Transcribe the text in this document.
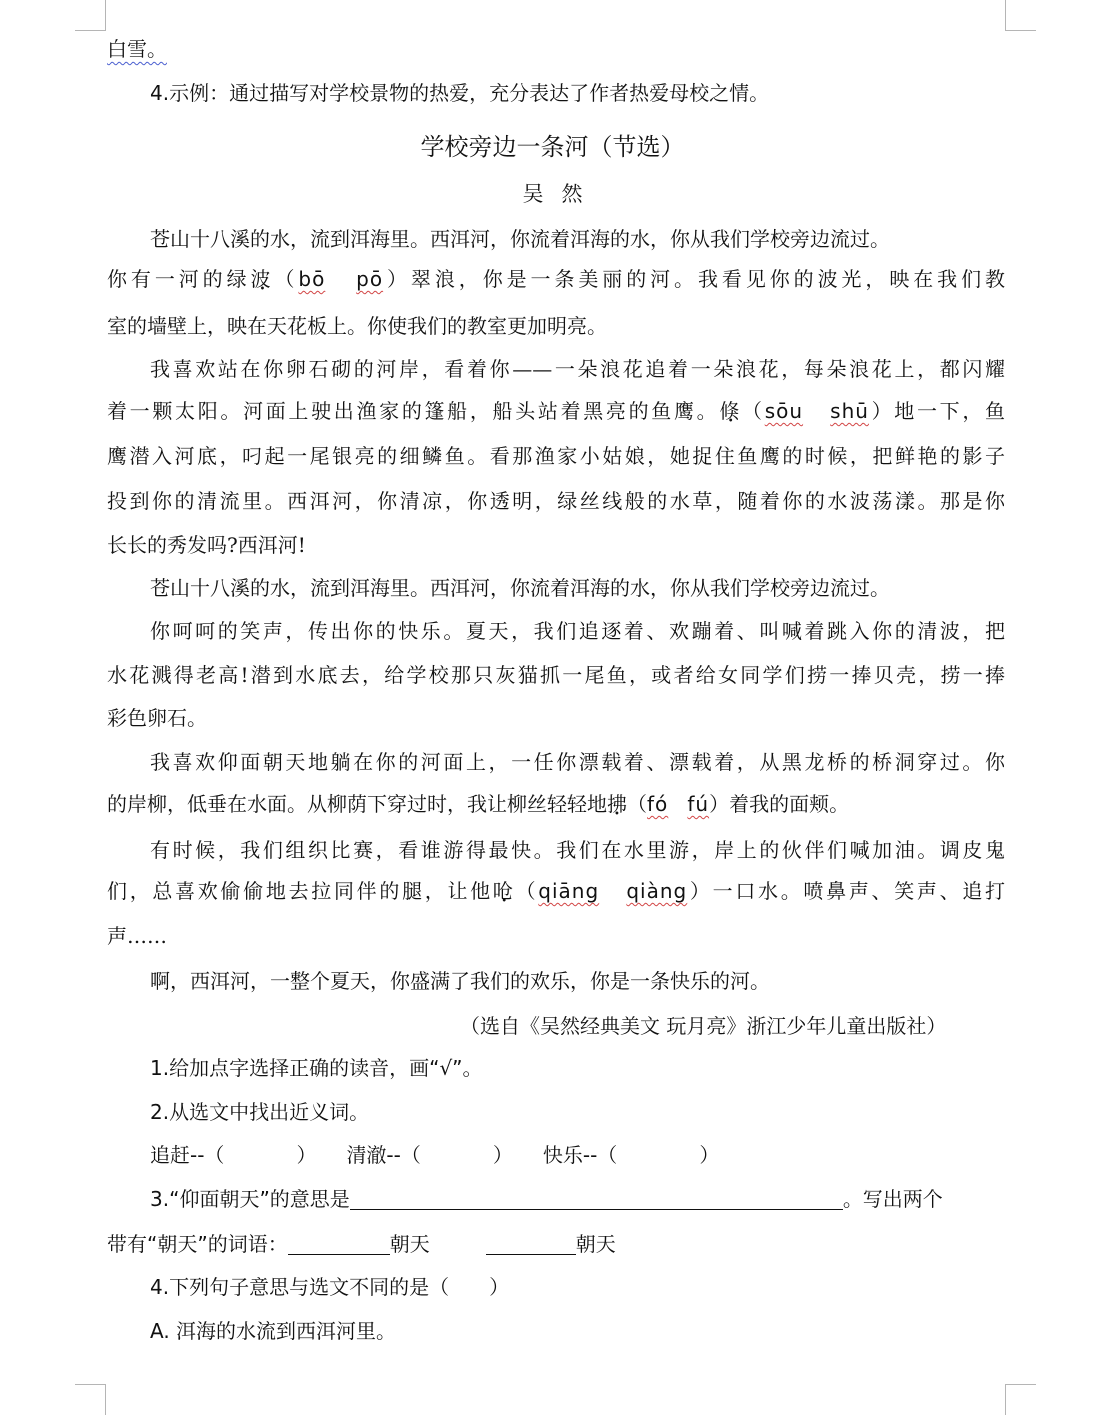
白雪。
4.示例：通过描写对学校景物的热爱，充分表达了作者热爱母校之情。
学校旁边一条河（节选）
吴然
苍山十八溪的水，流到洱海里。西洱河，你流着洱海的水，你从我们学校旁边流过。
你有一河的绿波（bō pō）翠浪，你是一条美丽的河。我看见你的波光，映在我们教
室的墙壁上，映在天花板上。你使我们的教室更加明亮。
我喜欢站在你卵石砌的河岸，看着你——一朵浪花追着一朵浪花，每朵浪花上，都闪耀
着一颗太阳。河面上驶出渔家的篷船，船头站着黑亮的鱼鹰。倏（sōu shū）地一下，鱼
鹰潜入河底，叼起一尾银亮的细鳞鱼。看那渔家小姑娘，她捉住鱼鹰的时候，把鲜艳的影子
投到你的清流里。西洱河，你清凉，你透明，绿丝线般的水草，随着你的水波荡漾。那是你
长长的秀发吗?西洱河!
苍山十八溪的水，流到洱海里。西洱河，你流着洱海的水，你从我们学校旁边流过。
你呵呵的笑声，传出你的快乐。夏天，我们追逐着、欢蹦着、叫喊着跳入你的清波，把
水花溅得老高!潜到水底去，给学校那只灰猫抓一尾鱼，或者给女同学们捞一捧贝壳，捞一捧
彩色卵石。
我喜欢仰面朝天地躺在你的河面上，一任你漂载着、漂载着，从黑龙桥的桥洞穿过。你
的岸柳，低垂在水面。从柳荫下穿过时，我让柳丝轻轻地拂（fó fú）着我的面颊。
有时候，我们组织比赛，看谁游得最快。我们在水里游，岸上的伙伴们喊加油。调皮鬼
们，总喜欢偷偷地去拉同伴的腿，让他呛（qiāng qiàng）一口水。喷鼻声、笑声、追打
声……
啊，西洱河，一整个夏天，你盛满了我们的欢乐，你是一条快乐的河。
（选自《吴然经典美文 玩月亮》浙江少年儿童出版社）
1.给加点字选择正确的读音，画“√”。
2.从选文中找出近义词。
追赶--（	） 清澈--（	） 快乐--（	）
3.“仰面朝天”的意思是	。写出两个
带有“朝天”的词语：	朝天	朝天
4.下列句子意思与选文不同的是（　　）
A. 洱海的水流到西洱河里。
